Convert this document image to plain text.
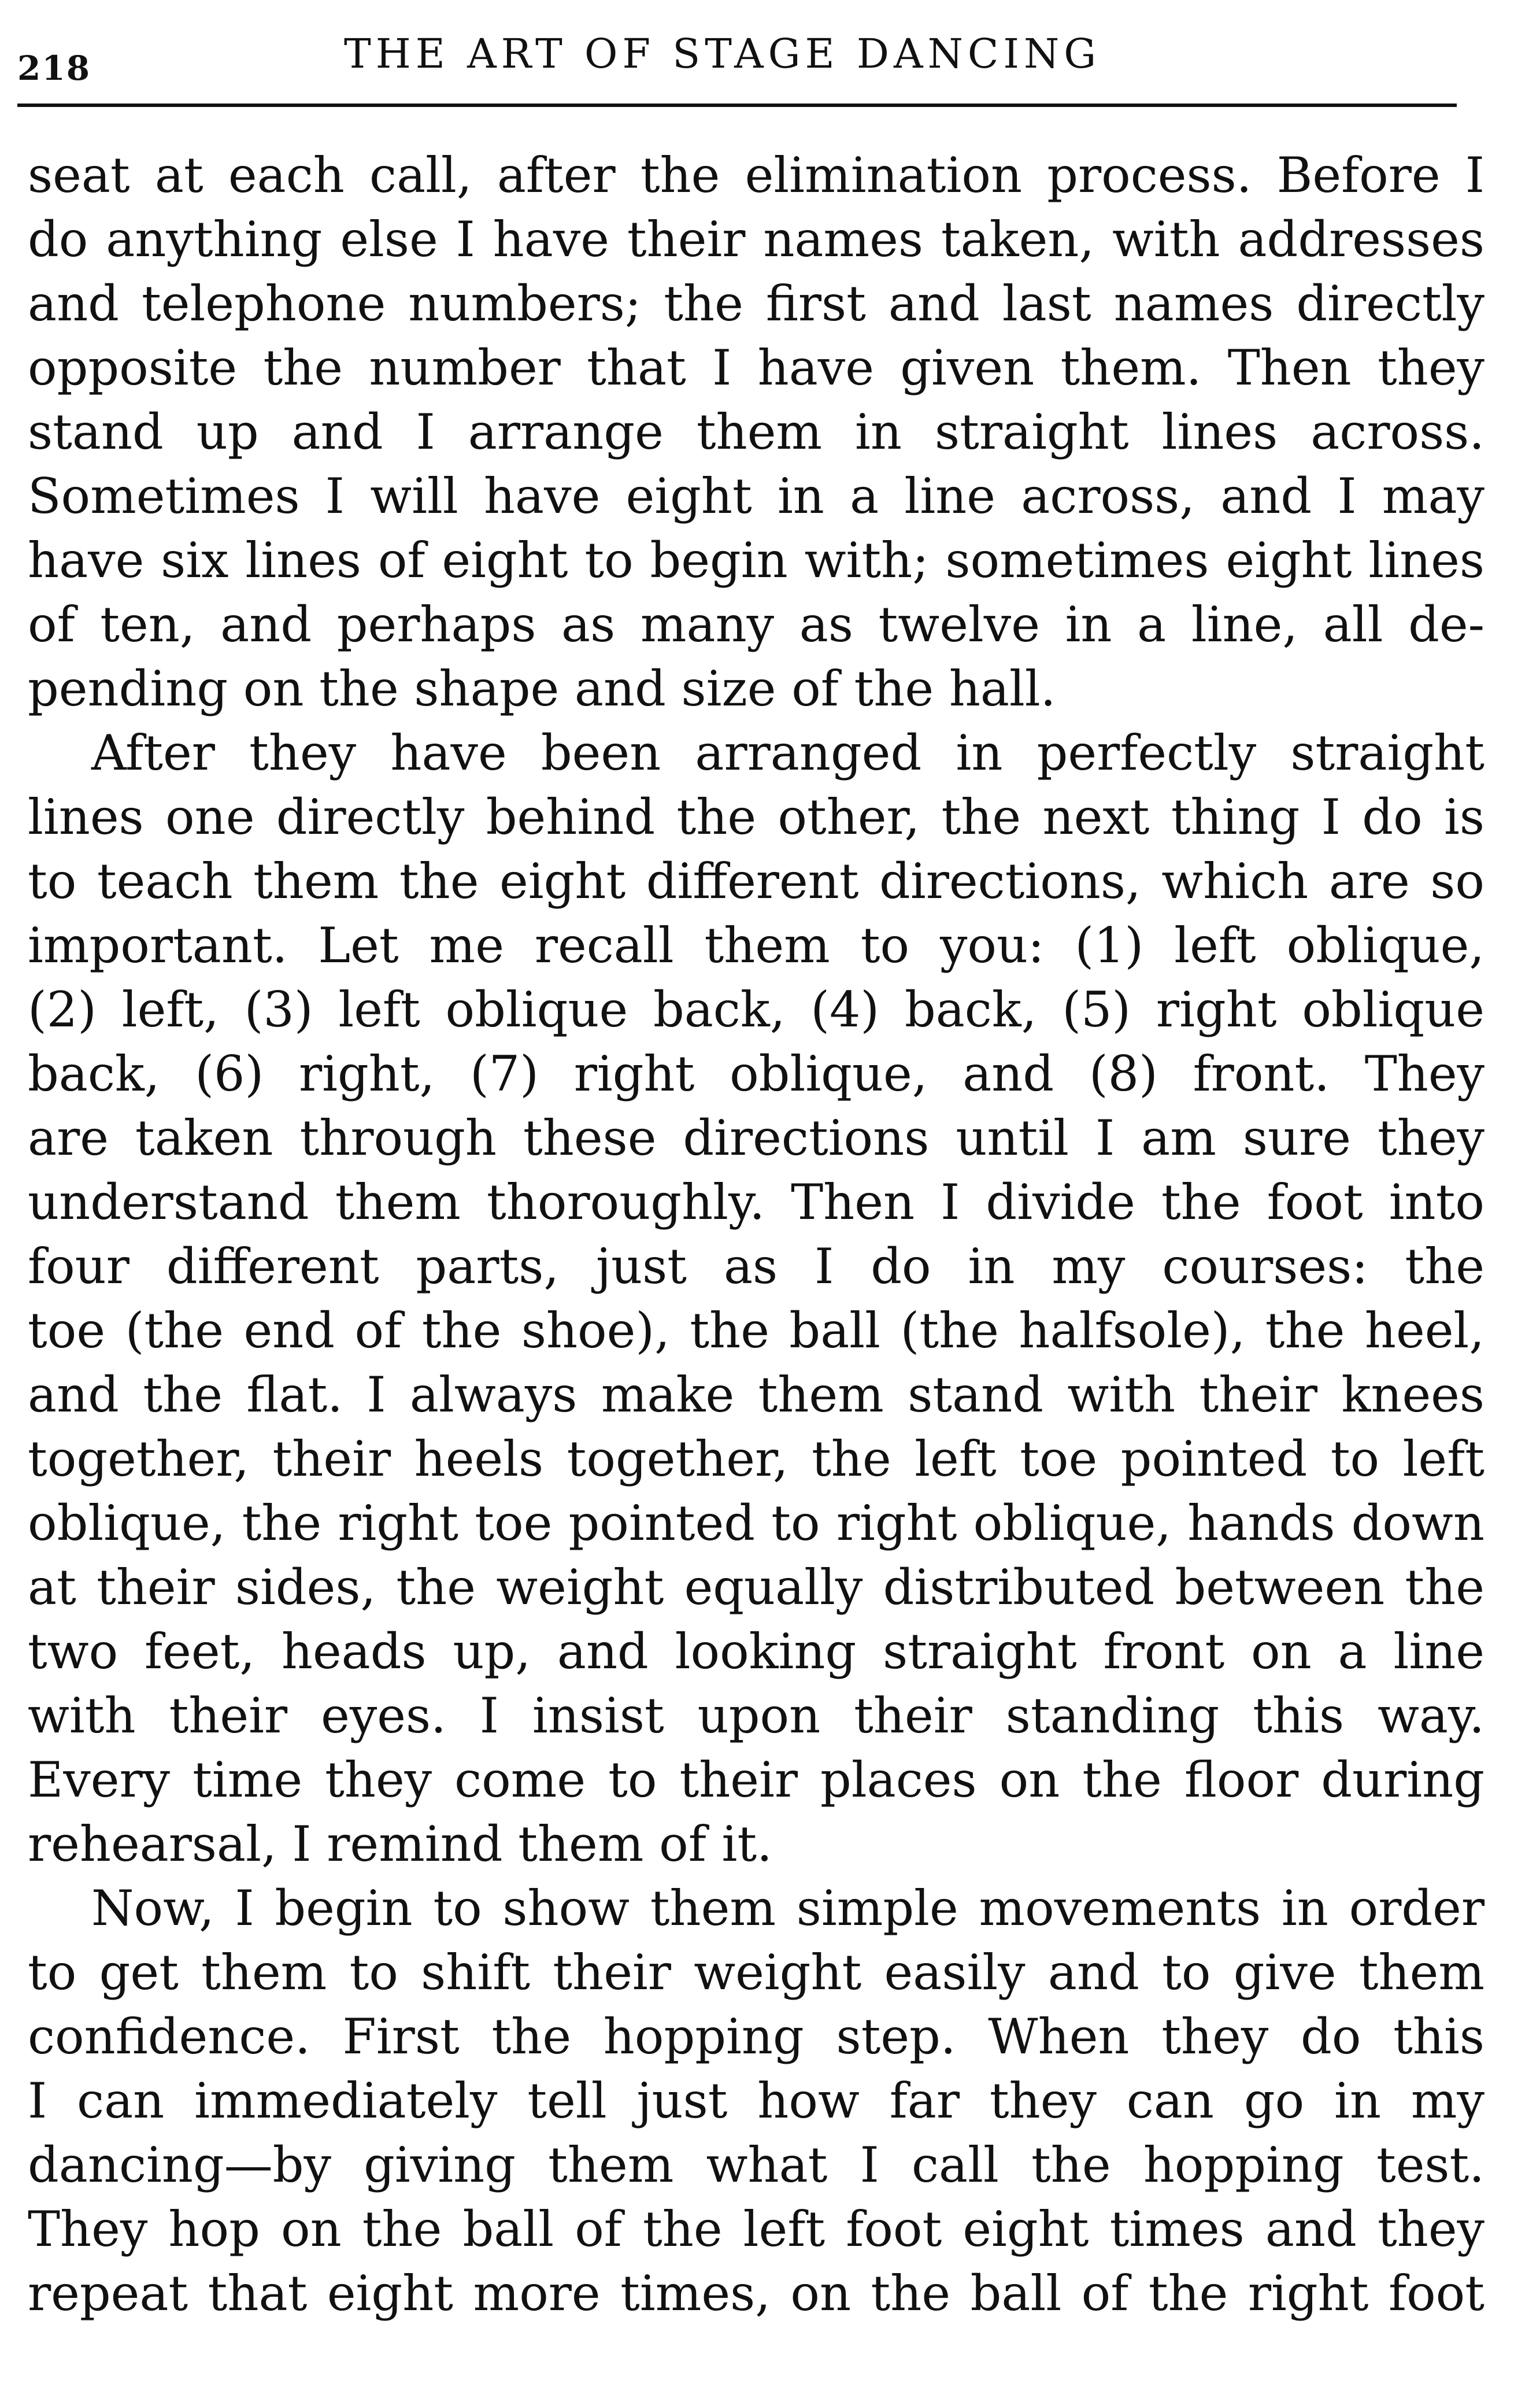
218	THE ART OF STAGE DANCING
seat at each call, after the elimination process. Before I
do anything else I have their names taken, with addresses
and telephone numbers; the first and last names directly
opposite the number that I have given them. Then they
stand up and I arrange them in straight lines across.
Sometimes I will have eight in a line across, and I may
have six lines of eight to begin with; sometimes eight lines
of ten, and perhaps as many as twelve in a line, all de-
pending on the shape and size of the hall.
After they have been arranged in perfectly straight
lines one directly behind the other, the next thing I do is
to teach them the eight different directions, which are so
important. Let me recall them to you: (1) left oblique,
(2) left, (3) left oblique back, (4) back, (5) right oblique
back, (6) right, (7) right oblique, and (8) front. They
are taken through these directions until I am sure they
understand them thoroughly. Then I divide the foot into
four different parts, just as I do in my courses: the
toe (the end of the shoe), the ball (the halfsole), the heel,
and the flat. I always make them stand with their knees
together, their heels together, the left toe pointed to left
oblique, the right toe pointed to right oblique, hands down
at their sides, the weight equally distributed between the
two feet, heads up, and looking straight front on a line
with their eyes. I insist upon their standing this way.
Every time they come to their places on the floor during
rehearsal, I remind them of it.
Now, I begin to show them simple movements in order
to get them to shift their weight easily and to give them
confidence. First the hopping step. When they do this
I can immediately tell just how far they can go in my
dancing—by giving them what I call the hopping test.
They hop on the ball of the left foot eight times and they
repeat that eight more times, on the ball of the right foot
